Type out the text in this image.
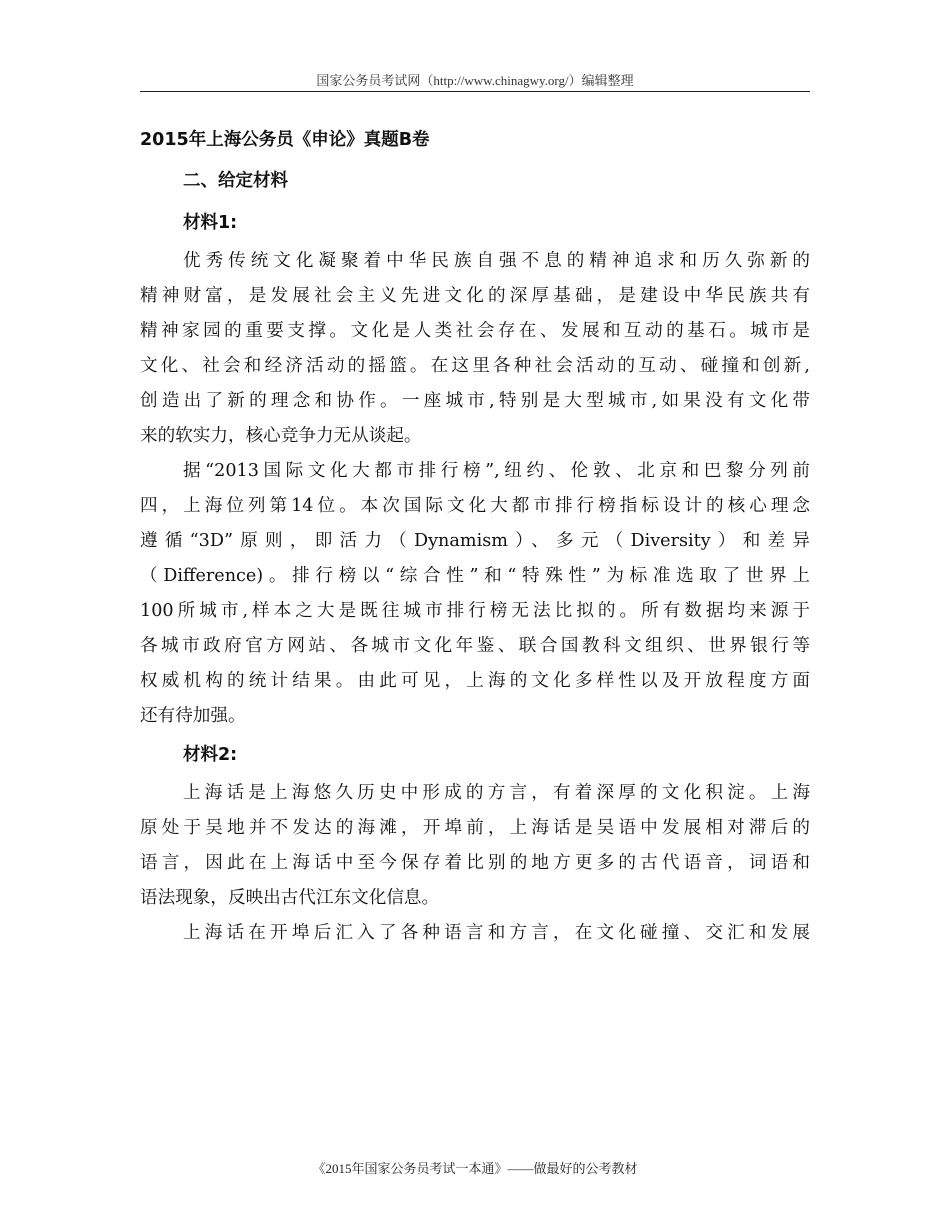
国家公务员考试网（http://www.chinagwy.org/）编辑整理
2015年上海公务员《申论》真题B卷
二、给定材料
材料1:

优秀传统文化凝聚着中华民族自强不息的精神追求和历久弥新的
精神财富，是发展社会主义先进文化的深厚基础，是建设中华民族共有
精神家园的重要支撑。文化是人类社会存在、发展和互动的基石。城市是
文化、社会和经济活动的摇篮。在这里各种社会活动的互动、碰撞和创新,
创造出了新的理念和协作。一座城市,特别是大型城市,如果没有文化带
来的软实力，核心竞争力无从谈起。

据“2013国际文化大都市排行榜”,纽约、伦敦、北京和巴黎分列前
四，上海位列第14位。本次国际文化大都市排行榜指标设计的核心理念
遵循“3D”原则，即活力（Dynamism）、多元（Diversity）和差异
（Difference)。排行榜以“综合性”和“特殊性”为标准选取了世界上
100所城市,样本之大是既往城市排行榜无法比拟的。所有数据均来源于
各城市政府官方网站、各城市文化年鉴、联合国教科文组织、世界银行等
权威机构的统计结果。由此可见，上海的文化多样性以及开放程度方面
还有待加强。

材料2:

上海话是上海悠久历史中形成的方言，有着深厚的文化积淀。上海
原处于吴地并不发达的海滩，开埠前，上海话是吴语中发展相对滞后的
语言，因此在上海话中至今保存着比别的地方更多的古代语音，词语和
语法现象，反映出古代江东文化信息。

上海话在开埠后汇入了各种语言和方言，在文化碰撞、交汇和发展

《2015年国家公务员考试一本通》——做最好的公考教材
